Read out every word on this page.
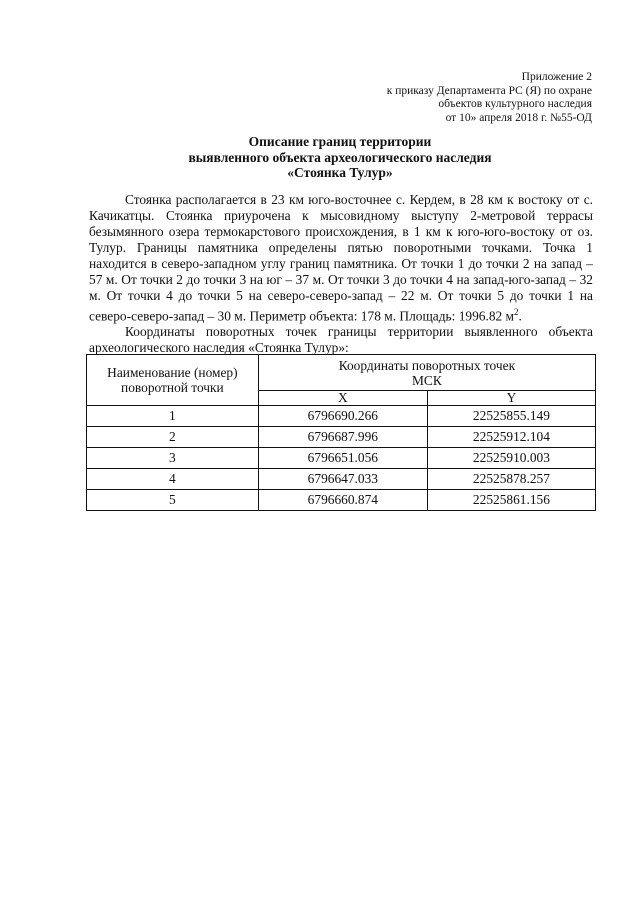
Приложение 2
к приказу Департамента РС (Я) по охране
объектов культурного наследия
от 10» апреля 2018 г. №55-ОД
Описание границ территории
выявленного объекта археологического наследия
«Стоянка Тулур»

Стоянка располагается в 23 км юго-восточнее с. Кердем, в 28 км к востоку от с. Качикатцы. Стоянка приурочена к мысовидному выступу 2-метровой террасы безымянного озера термокарстового происхождения, в 1 км к юго-юго-востоку от оз. Тулур. Границы памятника определены пятью поворотными точками. Точка 1 находится в северо-западном углу границ памятника. От точки 1 до точки 2 на запад – 57 м. От точки 2 до точки 3 на юг – 37 м. От точки 3 до точки 4 на запад-юго-запад – 32 м. От точки 4 до точки 5 на северо-северо-запад – 22 м. От точки 5 до точки 1 на северо-северо-запад – 30 м. Периметр объекта: 178 м. Площадь: 1996.82 $м^2$.

Координаты поворотных точек границы территории выявленного объекта археологического наследия «Стоянка Тулур»:

Наименование (номер) поворотной точки	Координаты поворотных точек
МСК	

	X	Y
1	6796690.266	22525855.149
2	6796687.996	22525912.104
3	6796651.056	22525910.003
4	6796647.033	22525878.257
5	6796660.874	22525861.156
